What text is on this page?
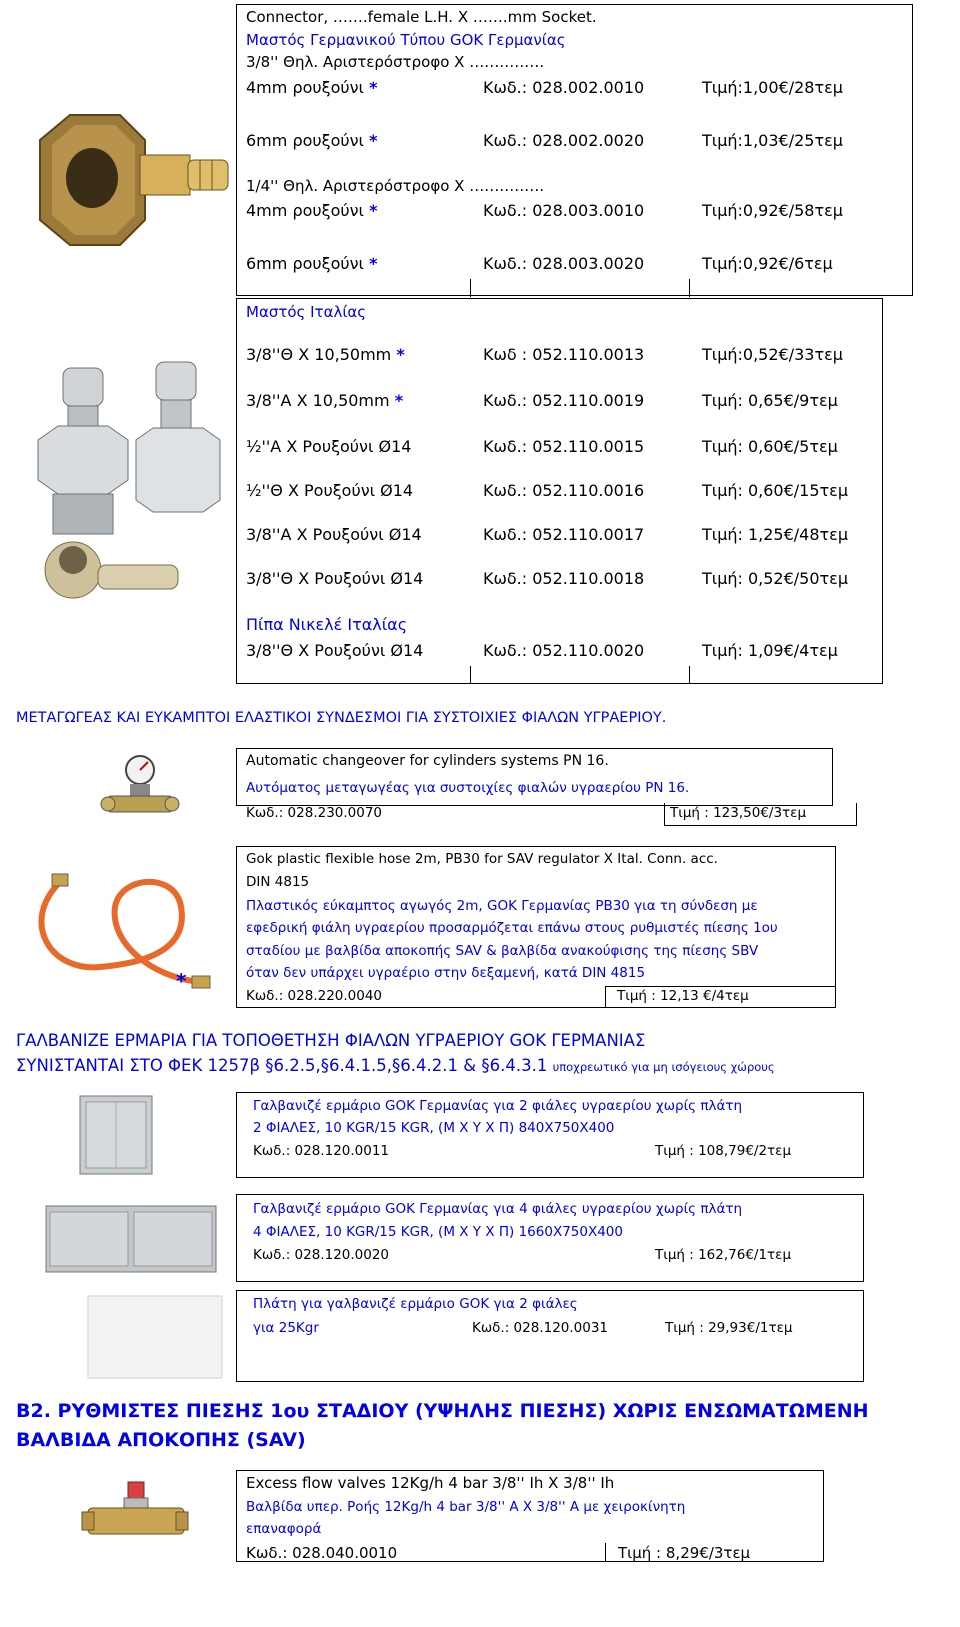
Connector, …….female L.H. X …….mm Socket.
Μαστός Γερμανικού Τύπου GOK Γερμανίας
3/8'' Θηλ. Αριστερόστροφο Χ ……………
4mm ρουξούνι *	Κωδ.: 028.002.0010	Τιμή:1,00€/28τεμ
6mm ρουξούνι *	Κωδ.: 028.002.0020	Τιμή:1,03€/25τεμ
1/4'' Θηλ. Αριστερόστροφο Χ ……………
4mm ρουξούνι *	Κωδ.: 028.003.0010	Τιμή:0,92€/58τεμ
6mm ρουξούνι *	Κωδ.: 028.003.0020	Τιμή:0,92€/6τεμ
Μαστός Ιταλίας
3/8''Θ Χ 10,50mm *	Κωδ : 052.110.0013	Τιμή:0,52€/33τεμ
3/8''Α Χ 10,50mm *	Κωδ.: 052.110.0019	Τιμή: 0,65€/9τεμ
½''Α Χ Ρουξούνι Ø14	Κωδ.: 052.110.0015	Τιμή: 0,60€/5τεμ
½''Θ Χ Ρουξούνι Ø14	Κωδ.: 052.110.0016	Τιμή: 0,60€/15τεμ
3/8''Α Χ Ρουξούνι Ø14	Κωδ.: 052.110.0017	Τιμή: 1,25€/48τεμ
3/8''Θ Χ Ρουξούνι Ø14	Κωδ.: 052.110.0018	Τιμή: 0,52€/50τεμ
Πίπα Νικελέ Ιταλίας
3/8''Θ Χ Ρουξούνι Ø14	Κωδ.: 052.110.0020	Τιμή: 1,09€/4τεμ
ΜΕΤΑΓΩΓΕΑΣ ΚΑΙ ΕΥΚΑΜΠΤΟΙ ΕΛΑΣΤΙΚΟΙ ΣΥΝΔΕΣΜΟΙ ΓΙΑ ΣΥΣΤΟΙΧΙΕΣ ΦΙΑΛΩΝ ΥΓΡΑΕΡΙΟΥ.
Automatic changeover for cylinders systems PN 16.
Αυτόματος μεταγωγέας για συστοιχίες φιαλών υγραερίου PN 16.
Κωδ.: 028.230.0070	Τιμή : 123,50€/3τεμ
*
Gok plastic flexible hose 2m, PB30 for SAV regulator X Ital. Conn. acc.
DIN 4815
Πλαστικός εύκαμπτος αγωγός 2m, GOK Γερμανίας PB30 για τη σύνδεση με
εφεδρική φιάλη υγραερίου προσαρμόζεται επάνω στους ρυθμιστές πίεσης 1ου
σταδίου με βαλβίδα αποκοπής SAV & βαλβίδα ανακούφισης της πίεσης SBV
όταν δεν υπάρχει υγραέριο στην δεξαμενή, κατά DIN 4815
Κωδ.: 028.220.0040	Τιμή : 12,13 €/4τεμ
ΓΑΛΒΑΝΙΖΕ ΕΡΜΑΡΙΑ ΓΙΑ ΤΟΠΟΘΕΤΗΣΗ ΦΙΑΛΩΝ ΥΓΡΑΕΡΙΟΥ GOK ΓΕΡΜΑΝΙΑΣ
ΣΥΝΙΣΤΑΝΤΑΙ ΣΤΟ ΦΕΚ 1257β §6.2.5,§6.4.1.5,§6.4.2.1 & §6.4.3.1 υποχρεωτικό για μη ισόγειους χώρους
Γαλβανιζέ ερμάριο GOK Γερμανίας για 2 φιάλες υγραερίου χωρίς πλάτη
2 ΦΙΑΛΕΣ, 10 KGR/15 KGR, (Μ Χ Υ Χ Π) 840Χ750Χ400
Κωδ.: 028.120.0011	Τιμή : 108,79€/2τεμ
Γαλβανιζέ ερμάριο GOK Γερμανίας για 4 φιάλες υγραερίου χωρίς πλάτη
4 ΦΙΑΛΕΣ, 10 KGR/15 KGR, (Μ Χ Υ Χ Π) 1660Χ750Χ400
Κωδ.: 028.120.0020	Τιμή : 162,76€/1τεμ
Πλάτη για γαλβανιζέ ερμάριο GOK για 2 φιάλες
για 25Kgr	Κωδ.: 028.120.0031	Τιμή : 29,93€/1τεμ
B2. ΡΥΘΜΙΣΤΕΣ ΠΙΕΣΗΣ 1ου ΣΤΑΔΙΟΥ (ΥΨΗΛΗΣ ΠΙΕΣΗΣ) ΧΩΡΙΣ ΕΝΣΩΜΑΤΩΜΕΝΗ
ΒΑΛΒΙΔΑ ΑΠΟΚΟΠΗΣ (SAV)
Excess flow valves 12Kg/h 4 bar 3/8'' Ih X 3/8'' Ih
Βαλβίδα υπερ. Ροής 12Kg/h 4 bar 3/8'' A X 3/8'' A με χειροκίνητη
επαναφορά
Κωδ.: 028.040.0010	Τιμή : 8,29€/3τεμ
